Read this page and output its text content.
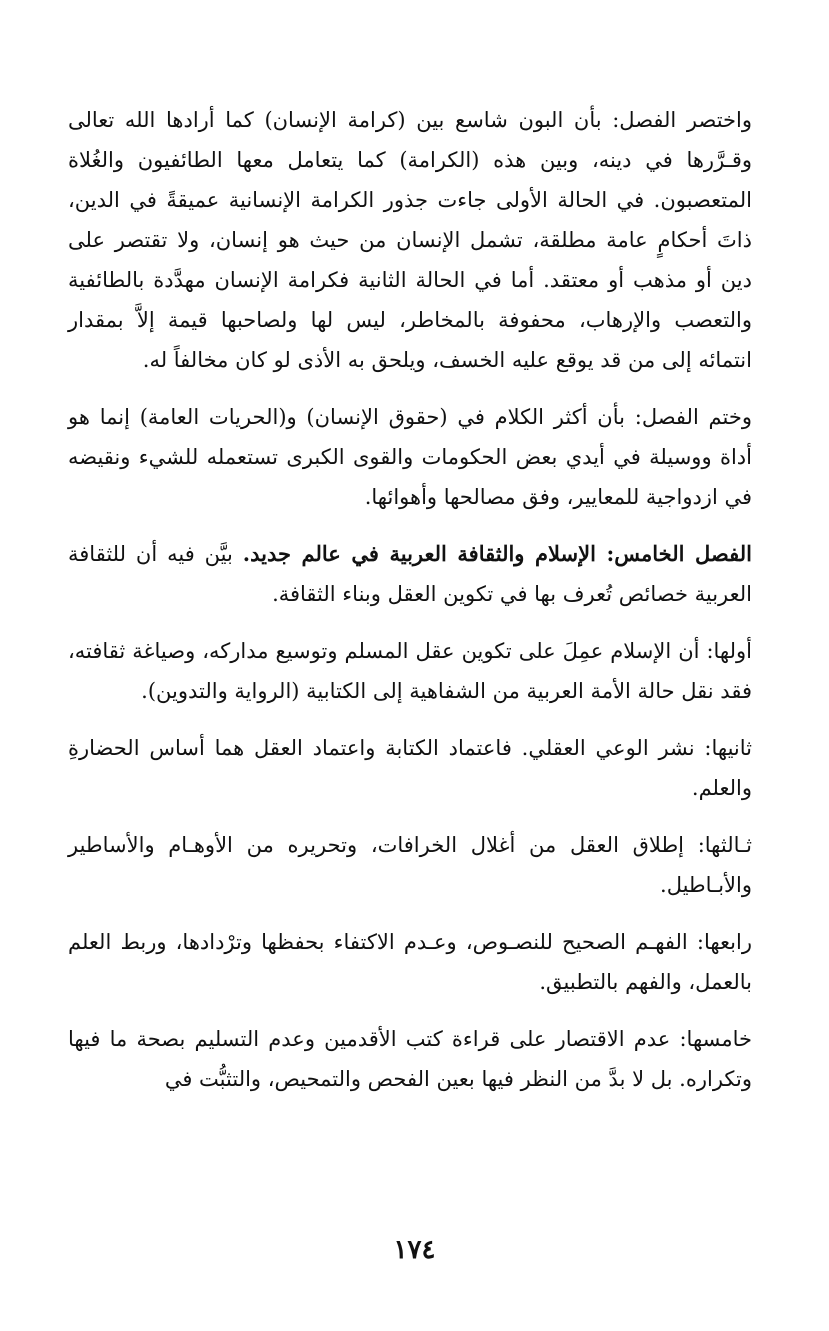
واختصر الفصل: بأن البون شاسع بين (كرامة الإنسان) كما أرادها الله تعالى وقـرَّرها في دينه، وبين هذه (الكرامة) كما يتعامل معها الطائفيون والغُلاة المتعصبون. في الحالة الأولى جاءت جذور الكرامة الإنسانية عميقةً في الدين، ذاتَ أحكامٍ عامة مطلقة، تشمل الإنسان من حيث هو إنسان، ولا تقتصر على دين أو مذهب أو معتقد. أما في الحالة الثانية فكرامة الإنسان مهدَّدة بالطائفية والتعصب والإرهاب، محفوفة بالمخاطر، ليس لها ولصاحبها قيمة إلاَّ بمقدار انتمائه إلى من قد يوقع عليه الخسف، ويلحق به الأذى لو كان مخالفاً له.

وختم الفصل: بأن أكثر الكلام في (حقوق الإنسان) و(الحريات العامة) إنما هو أداة ووسيلة في أيدي بعض الحكومات والقوى الكبرى تستعمله للشيء ونقيضه في ازدواجية للمعايير، وفق مصالحها وأهوائها.

الفصل الخامس: الإسلام والثقافة العربية في عالم جديد. بيَّن فيه أن للثقافة العربية خصائص تُعرف بها في تكوين العقل وبناء الثقافة.

أولها: أن الإسلام عمِلَ على تكوين عقل المسلم وتوسيع مداركه، وصياغة ثقافته، فقد نقل حالة الأمة العربية من الشفاهية إلى الكتابية (الرواية والتدوين).

ثانيها: نشر الوعي العقلي. فاعتماد الكتابة واعتماد العقل هما أساس الحضارةِ والعلم.

ثـالثها: إطلاق العقل من أغلال الخرافات، وتحريره من الأوهـام والأساطير والأبـاطيل.

رابعها: الفهـم الصحيح للنصـوص، وعـدم الاكتفاء بحفظها وترْدادها، وربط العلم بالعمل، والفهم بالتطبيق.

خامسها: عدم الاقتصار على قراءة كتب الأقدمين وعدم التسليم بصحة ما فيها وتكراره. بل لا بدَّ من النظر فيها بعين الفحص والتمحيص، والتثبُّت في

١٧٤
